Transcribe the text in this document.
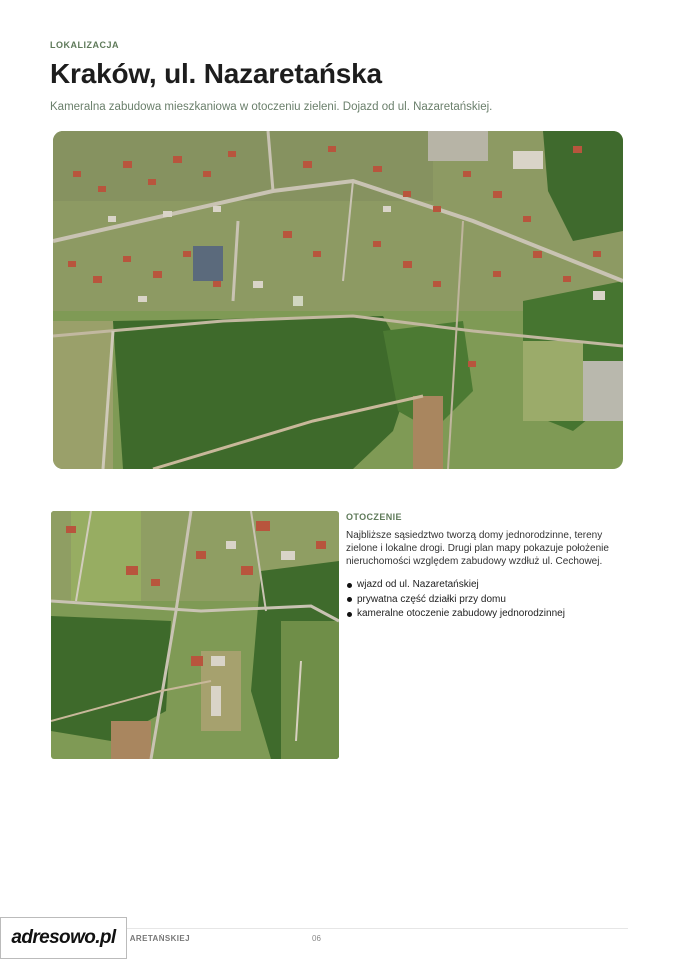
LOKALIZACJA
Kraków, ul. Nazaretańska
Kameralna zabudowa mieszkaniowa w otoczeniu zieleni. Dojazd od ul. Nazaretańskiej.
OTOCZENIE
Najbliższe sąsiedztwo tworzą domy jednorodzinne, tereny zielone i lokalne drogi. Drugi plan mapy pokazuje położenie nieruchomości względem zabudowy wzdłuż ul. Cechowej.
wjazd od ul. Nazaretańskiej
prywatna część działki przy domu
kameralne otoczenie zabudowy jednorodzinnej
ARETAŃSKIEJ	06
adresowo.pl
